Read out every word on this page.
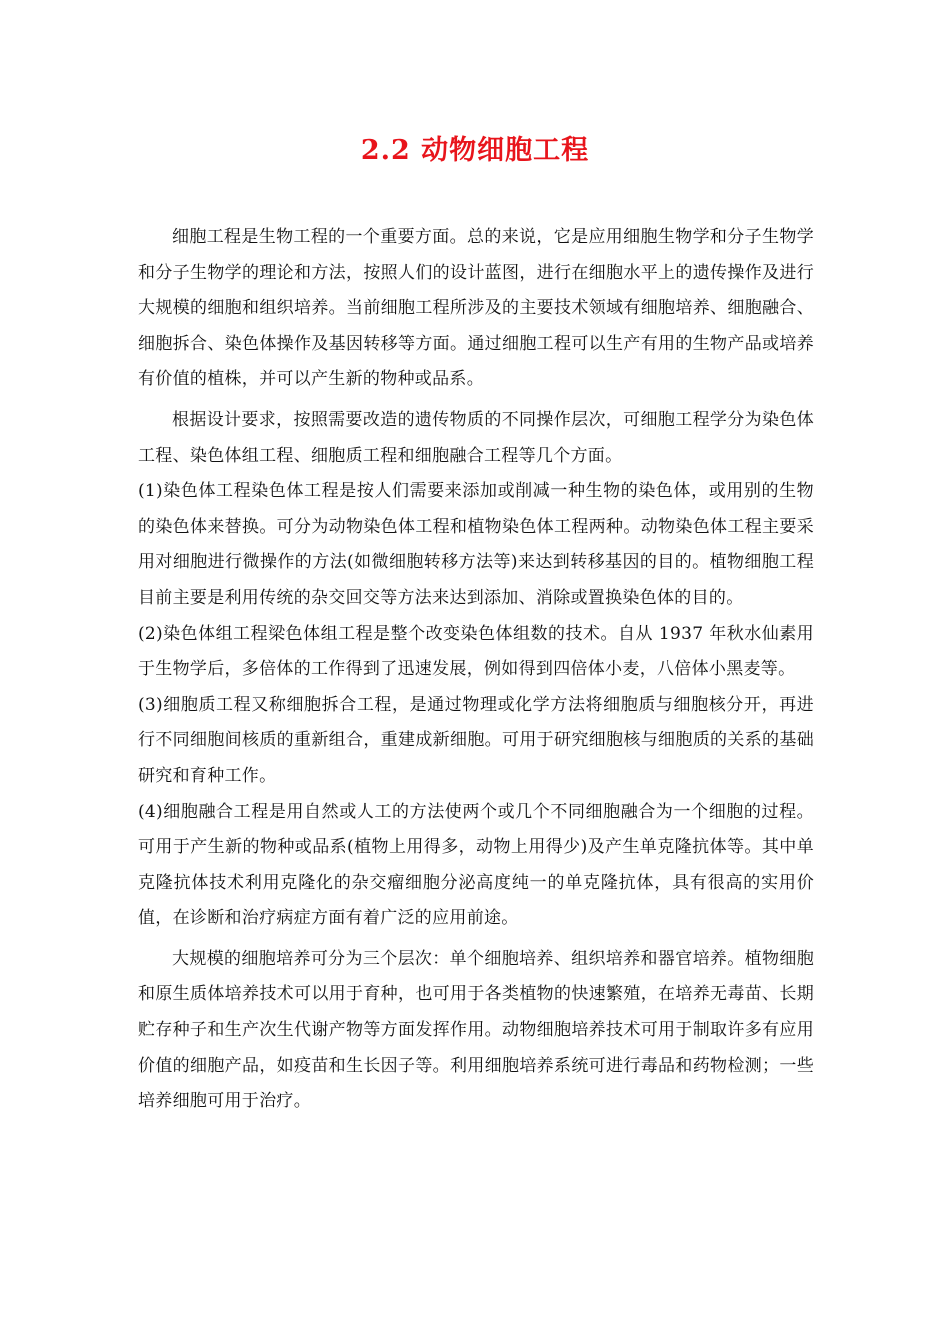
2.2 动物细胞工程

细胞工程是生物工程的一个重要方面。总的来说，它是应用细胞生物学和分子生物学和分子生物学的理论和方法，按照人们的设计蓝图，进行在细胞水平上的遗传操作及进行大规模的细胞和组织培养。当前细胞工程所涉及的主要技术领域有细胞培养、细胞融合、细胞拆合、染色体操作及基因转移等方面。通过细胞工程可以生产有用的生物产品或培养有价值的植株，并可以产生新的物种或品系。

根据设计要求，按照需要改造的遗传物质的不同操作层次，可细胞工程学分为染色体工程、染色体组工程、细胞质工程和细胞融合工程等几个方面。

(1)染色体工程染色体工程是按人们需要来添加或削减一种生物的染色体，或用别的生物的染色体来替换。可分为动物染色体工程和植物染色体工程两种。动物染色体工程主要采用对细胞进行微操作的方法(如微细胞转移方法等)来达到转移基因的目的。植物细胞工程目前主要是利用传统的杂交回交等方法来达到添加、消除或置换染色体的目的。

(2)染色体组工程梁色体组工程是整个改变染色体组数的技术。自从 1937 年秋水仙素用于生物学后，多倍体的工作得到了迅速发展，例如得到四倍体小麦，八倍体小黑麦等。

(3)细胞质工程又称细胞拆合工程，是通过物理或化学方法将细胞质与细胞核分开，再进行不同细胞间核质的重新组合，重建成新细胞。可用于研究细胞核与细胞质的关系的基础研究和育种工作。

(4)细胞融合工程是用自然或人工的方法使两个或几个不同细胞融合为一个细胞的过程。可用于产生新的物种或品系(植物上用得多，动物上用得少)及产生单克隆抗体等。其中单克隆抗体技术利用克隆化的杂交瘤细胞分泌高度纯一的单克隆抗体，具有很高的实用价值，在诊断和治疗病症方面有着广泛的应用前途。

大规模的细胞培养可分为三个层次：单个细胞培养、组织培养和器官培养。植物细胞和原生质体培养技术可以用于育种，也可用于各类植物的快速繁殖，在培养无毒苗、长期贮存种子和生产次生代谢产物等方面发挥作用。动物细胞培养技术可用于制取许多有应用价值的细胞产品，如疫苗和生长因子等。利用细胞培养系统可进行毒品和药物检测；一些培养细胞可用于治疗。
